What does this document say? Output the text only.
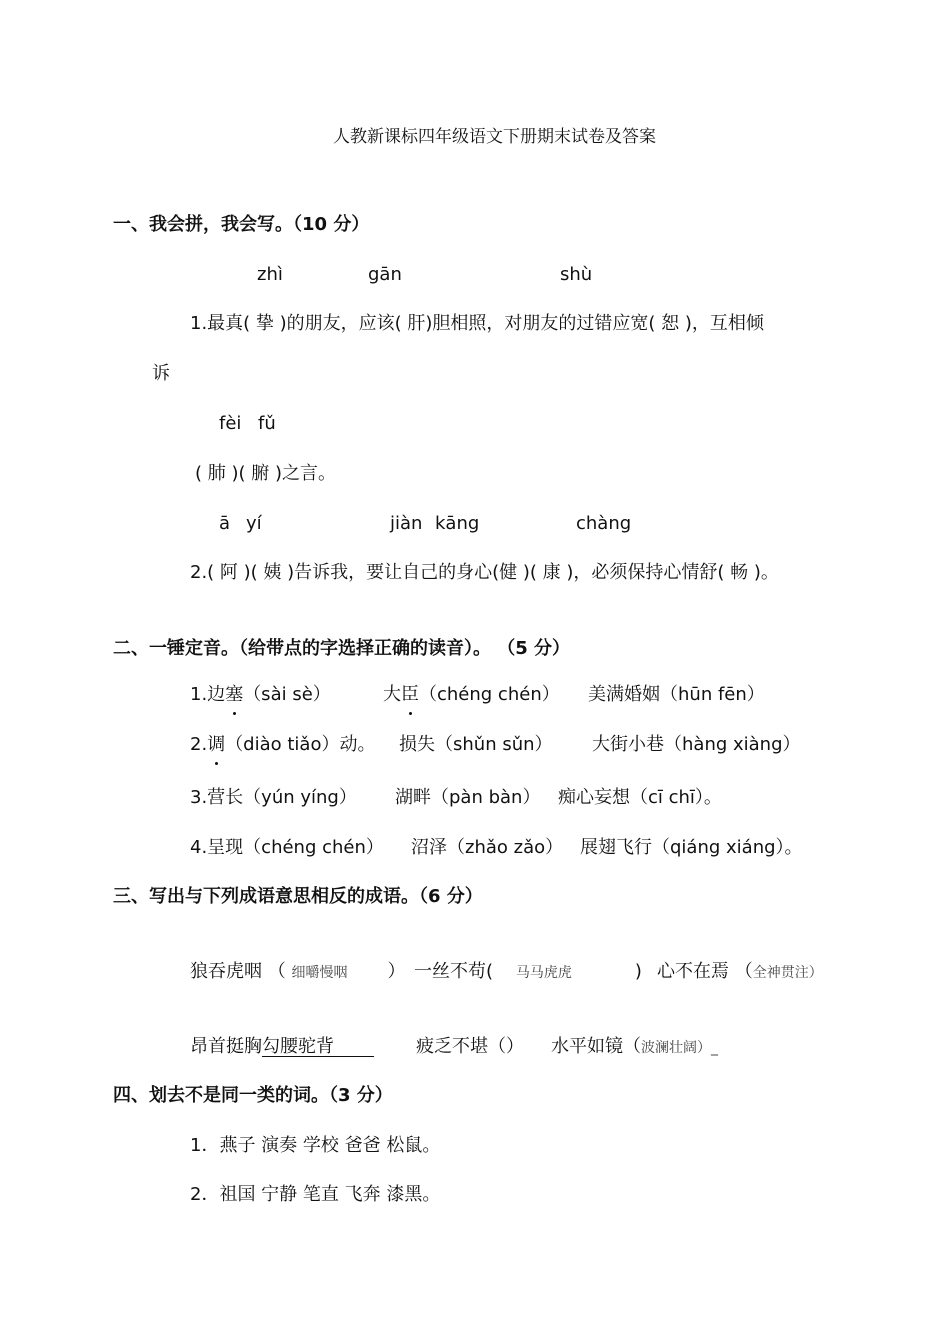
人教新课标四年级语文下册期末试卷及答案
一、我会拼，我会写。（10 分）
zhì	gān	shù
1.最真( 挚 )的朋友，应该( 肝)胆相照，对朋友的过错应宽( 恕 )，互相倾
诉
fèi fǔ
( 肺 )( 腑 )之言。
ā yí	jiàn kāng	chàng
2.( 阿 )( 姨 )告诉我，要让自己的身心(健 )( 康 )，必须保持心情舒( 畅 )。
二、一锤定音。（给带点的字选择正确的读音）。 （5 分）
1.边塞（sài sè）	大臣（chéng chén） 美满婚姻（hūn fēn）
2.调（diào tiǎo）动。 损失（shǔn sǔn） 大街小巷（hàng xiàng）
3.营长（yún yíng） 湖畔（pàn bàn） 痴心妄想（cī chī）。
4.呈现（chéng chén） 沼泽（zhǎo zǎo） 展翅飞行（qiáng xiáng）。
三、写出与下列成语意思相反的成语。（6 分）
狼吞虎咽 （ 细嚼慢咽       ） 一丝不苟(    马马虎虎           ) 心不在焉 （全神贯注）
昂首挺胸勾腰驼背	疲乏不堪（） 水平如镜（波澜壮阔）_
四、划去不是同一类的词。（3 分）
1．燕子 演奏 学校 爸爸 松鼠。
2．祖国 宁静 笔直 飞奔 漆黑。
